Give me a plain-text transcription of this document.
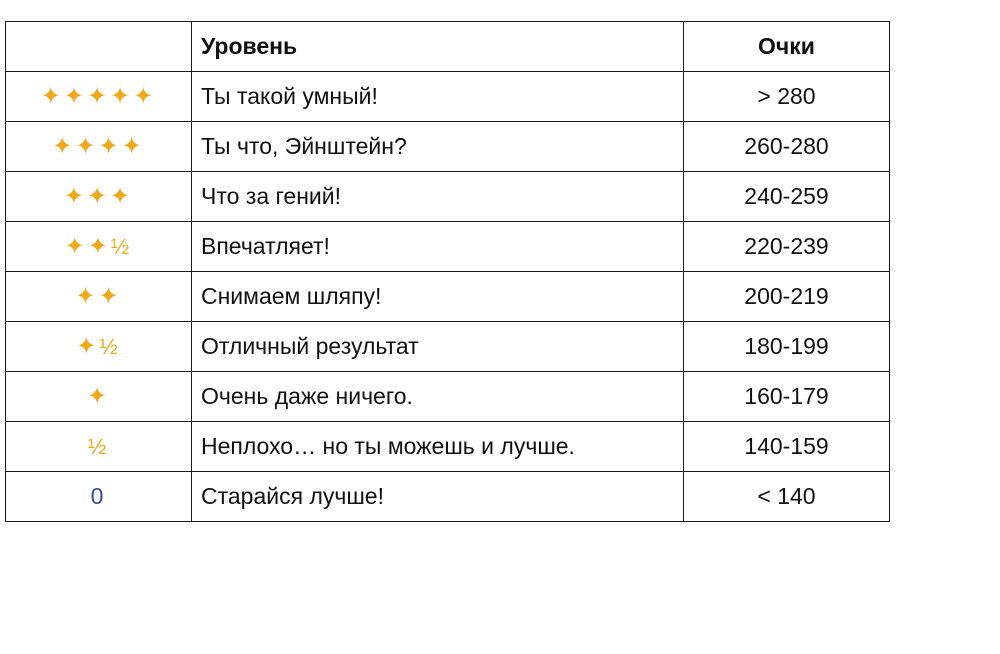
	Уровень	Очки
✦✦✦✦✦	Ты такой умный!	> 280
✦✦✦✦	Ты что, Эйнштейн?	260-280
✦✦✦	Что за гений!	240-259
✦✦½	Впечатляет!	220-239
✦✦	Снимаем шляпу!	200-219
✦½	Отличный результат	180-199
✦	Очень даже ничего.	160-179
½	Неплохо… но ты можешь и лучше.	140-159
0	Старайся лучше!	< 140
